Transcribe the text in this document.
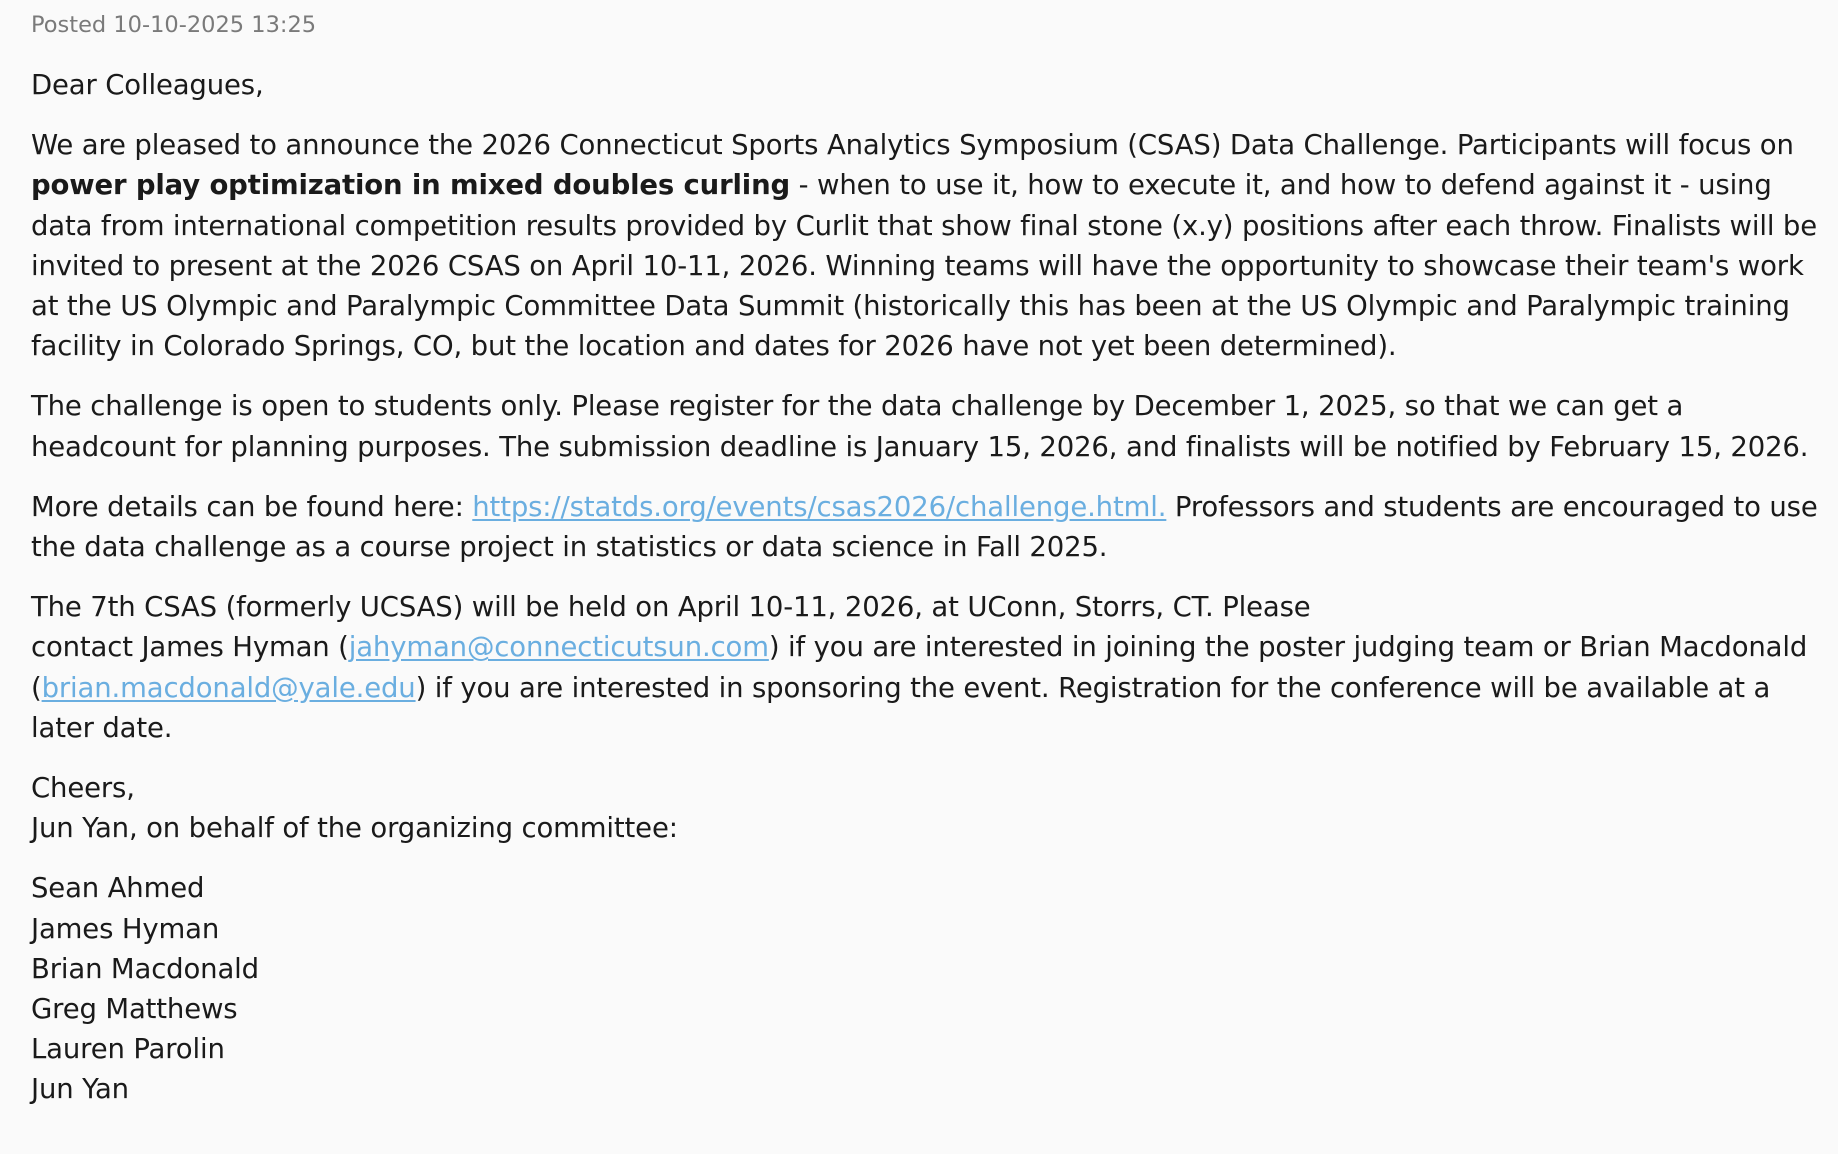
Posted 10-10-2025 13:25

Dear Colleagues,

We are pleased to announce the 2026 Connecticut Sports Analytics Symposium (CSAS) Data Challenge. Participants will focus on power play optimization in mixed doubles curling - when to use it, how to execute it, and how to defend against it - using data from international competition results provided by Curlit that show final stone (x.y) positions after each throw. Finalists will be invited to present at the 2026 CSAS on April 10-11, 2026. Winning teams will have the opportunity to showcase their team's work at the US Olympic and Paralympic Committee Data Summit (historically this has been at the US Olympic and Paralympic training facility in Colorado Springs, CO, but the location and dates for 2026 have not yet been determined).

The challenge is open to students only. Please register for the data challenge by December 1, 2025, so that we can get a headcount for planning purposes. The submission deadline is January 15, 2026, and finalists will be notified by February 15, 2026.

More details can be found here: https://statds.org/events/csas2026/challenge.html. Professors and students are encouraged to use the data challenge as a course project in statistics or data science in Fall 2025.

The 7th CSAS (formerly UCSAS) will be held on April 10-11, 2026, at UConn, Storrs, CT. Please
contact James Hyman (jahyman@connecticutsun.com) if you are interested in joining the poster judging team or Brian Macdonald (brian.macdonald@yale.edu) if you are interested in sponsoring the event. Registration for the conference will be available at a later date.

Cheers,
Jun Yan, on behalf of the organizing committee:

Sean Ahmed
James Hyman
Brian Macdonald
Greg Matthews
Lauren Parolin
Jun Yan
